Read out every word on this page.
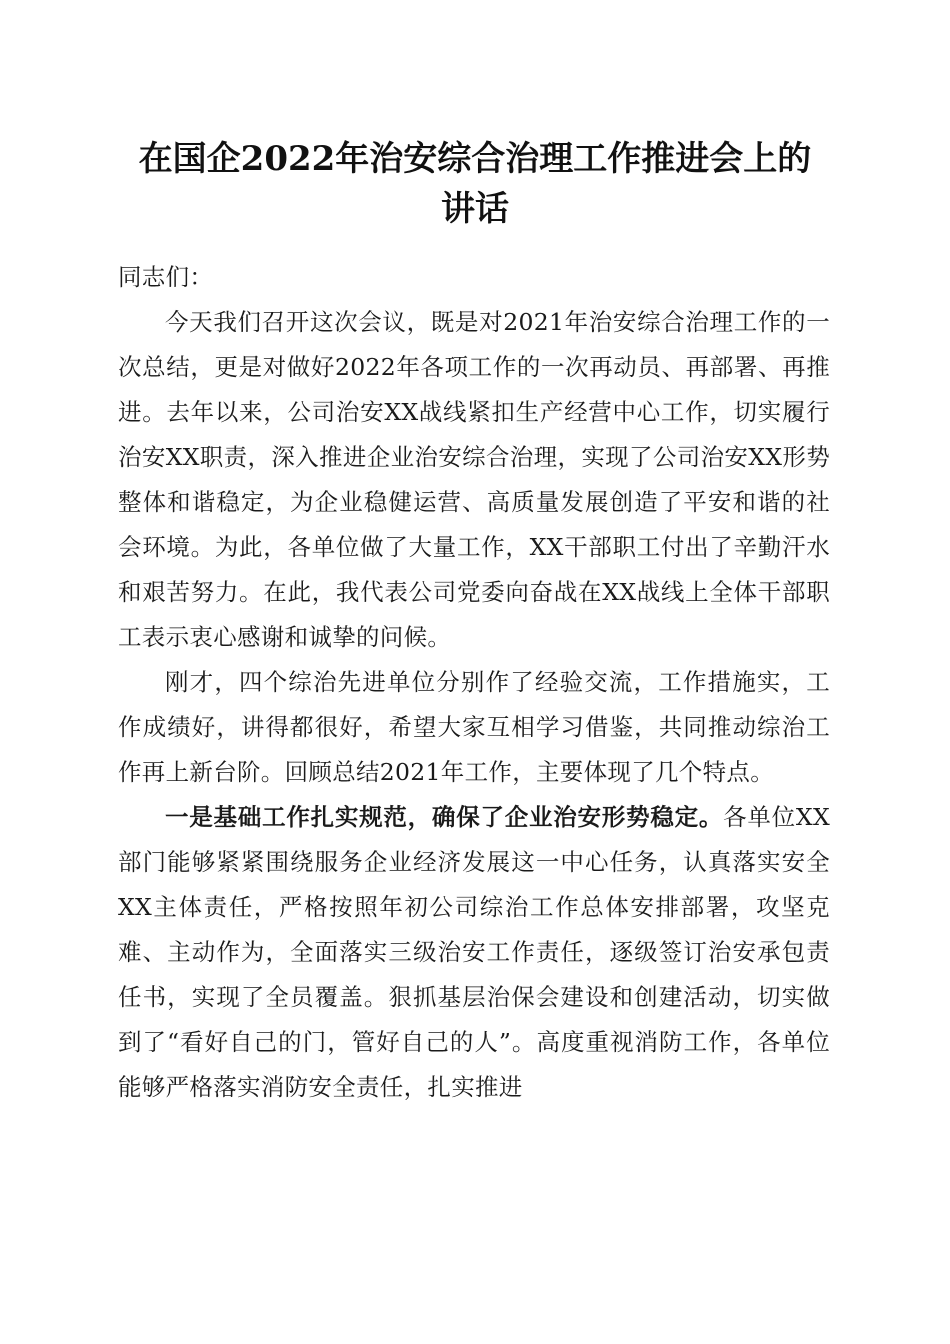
在国企2022年治安综合治理工作推进会上的
讲话

同志们：

今天我们召开这次会议，既是对2021年治安综合治理工作的一次总结，更是对做好2022年各项工作的一次再动员、再部署、再推进。去年以来，公司治安XX战线紧扣生产经营中心工作，切实履行治安XX职责，深入推进企业治安综合治理，实现了公司治安XX形势整体和谐稳定，为企业稳健运营、高质量发展创造了平安和谐的社会环境。为此，各单位做了大量工作，XX干部职工付出了辛勤汗水和艰苦努力。在此，我代表公司党委向奋战在XX战线上全体干部职工表示衷心感谢和诚挚的问候。

刚才，四个综治先进单位分别作了经验交流，工作措施实，工作成绩好，讲得都很好，希望大家互相学习借鉴，共同推动综治工作再上新台阶。回顾总结2021年工作，主要体现了几个特点。

一是基础工作扎实规范，确保了企业治安形势稳定。各单位XX部门能够紧紧围绕服务企业经济发展这一中心任务，认真落实安全XX主体责任，严格按照年初公司综治工作总体安排部署，攻坚克难、主动作为，全面落实三级治安工作责任，逐级签订治安承包责任书，实现了全员覆盖。狠抓基层治保会建设和创建活动，切实做到了“看好自己的门，管好自己的人”。高度重视消防工作，各单位能够严格落实消防安全责任，扎实推进
